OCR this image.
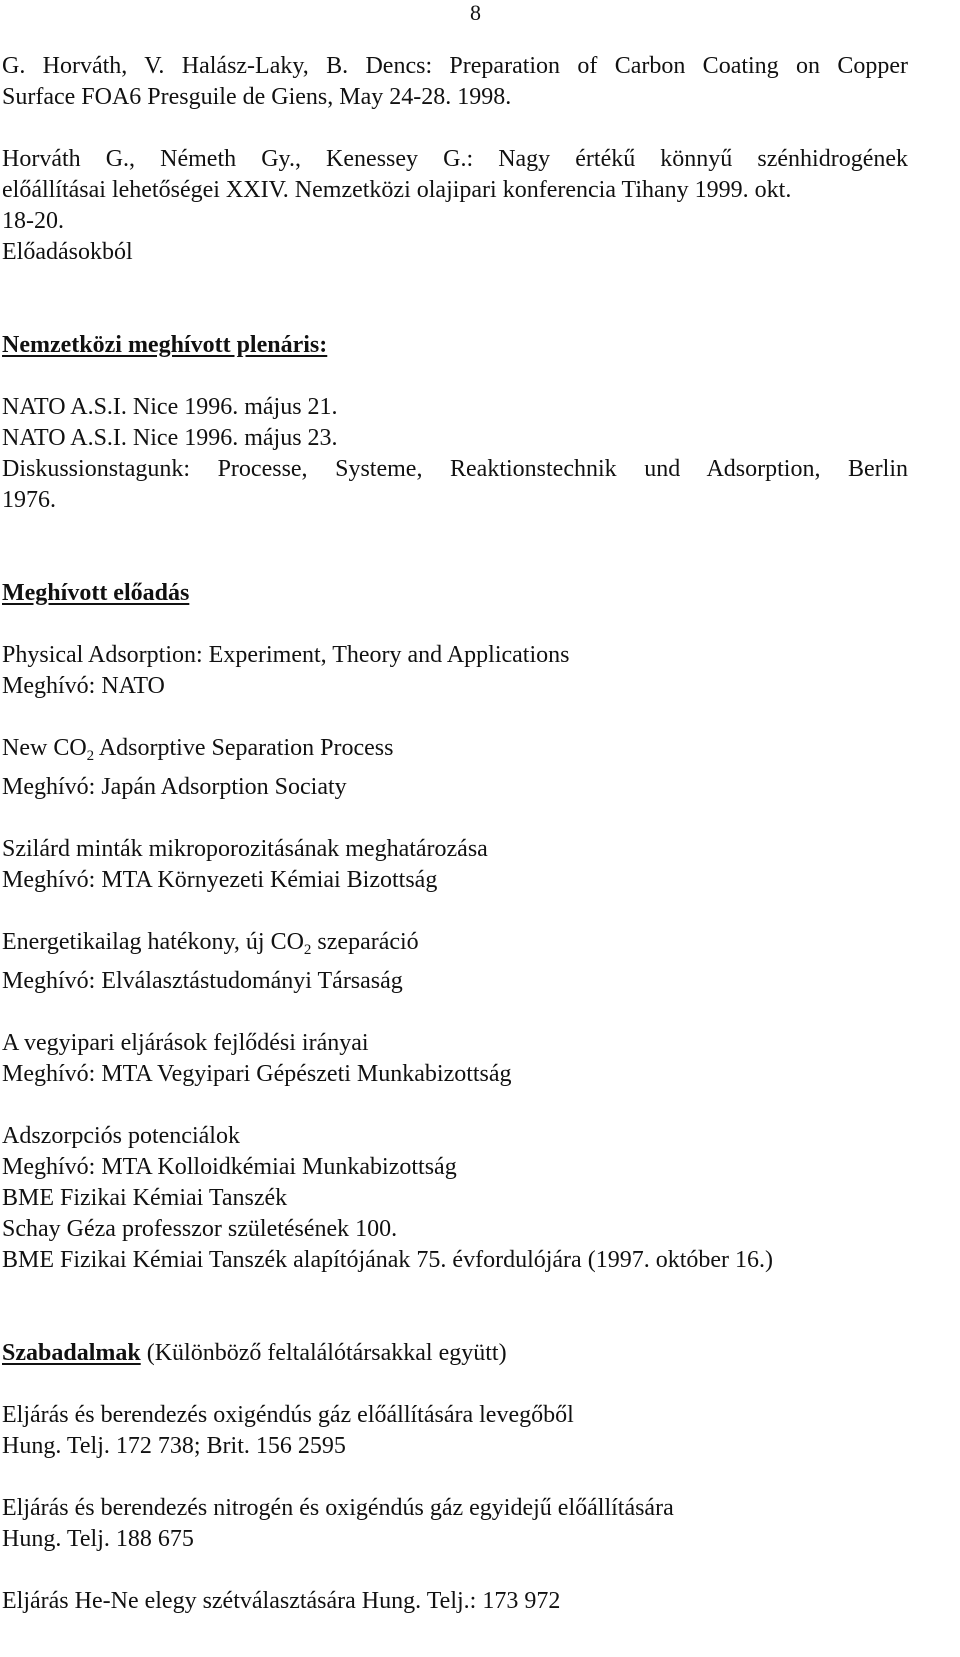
8
G. Horváth, V. Halász-Laky, B. Dencs: Preparation of Carbon Coating on Copper
Surface FOA6 Presguile de Giens, May 24-28. 1998.
Horváth G., Németh Gy., Kenessey G.: Nagy értékű könnyű szénhidrogének
előállításai lehetőségei XXIV. Nemzetközi olajipari konferencia Tihany 1999. okt.
18-20.
Előadásokból
Nemzetközi meghívott plenáris:
NATO A.S.I. Nice 1996. május 21.
NATO A.S.I. Nice 1996. május 23.
Diskussionstagunk: Processe, Systeme, Reaktionstechnik und Adsorption, Berlin
1976.
Meghívott előadás
Physical Adsorption: Experiment, Theory and Applications
Meghívó: NATO
New $CO_2$ Adsorptive Separation Process
Meghívó: Japán Adsorption Sociaty
Szilárd minták mikroporozitásának meghatározása
Meghívó: MTA Környezeti Kémiai Bizottság
Energetikailag hatékony, új $CO_2$ szeparáció
Meghívó: Elválasztástudományi Társaság
A vegyipari eljárások fejlődési irányai
Meghívó: MTA Vegyipari Gépészeti Munkabizottság
Adszorpciós potenciálok
Meghívó: MTA Kolloidkémiai Munkabizottság
BME Fizikai Kémiai Tanszék
Schay Géza professzor születésének 100.
BME Fizikai Kémiai Tanszék alapítójának 75. évfordulójára (1997. október 16.)
Szabadalmak (Különböző feltalálótársakkal együtt)
Eljárás és berendezés oxigéndús gáz előállítására levegőből
Hung. Telj. 172 738; Brit. 156 2595
Eljárás és berendezés nitrogén és oxigéndús gáz egyidejű előállítására
Hung. Telj. 188 675
Eljárás He-Ne elegy szétválasztására Hung. Telj.: 173 972
